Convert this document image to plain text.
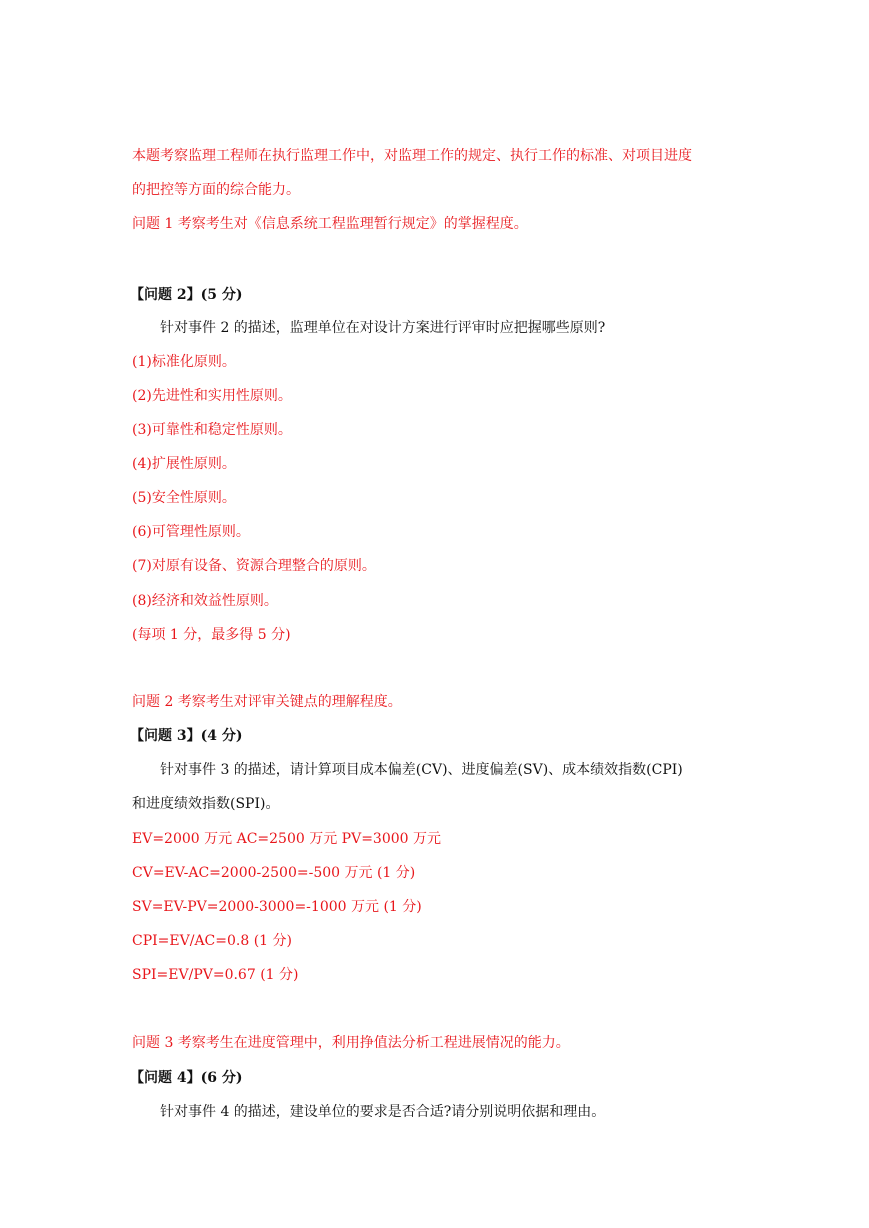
本题考察监理工程师在执行监理工作中，对监理工作的规定、执行工作的标准、对项目进度
的把控等方面的综合能力。
问题 1 考察考生对《信息系统工程监理暂行规定》的掌握程度。
【问题 2】(5 分)
针对事件 2 的描述，监理单位在对设计方案进行评审时应把握哪些原则?
(1)标准化原则。
(2)先进性和实用性原则。
(3)可靠性和稳定性原则。
(4)扩展性原则。
(5)安全性原则。
(6)可管理性原则。
(7)对原有设备、资源合理整合的原则。
(8)经济和效益性原则。
(每项 1 分，最多得 5 分)
问题 2 考察考生对评审关键点的理解程度。
【问题 3】(4 分)
针对事件 3 的描述，请计算项目成本偏差(CV)、进度偏差(SV)、成本绩效指数(CPI)
和进度绩效指数(SPI)。
EV=2000 万元 AC=2500 万元 PV=3000 万元
CV=EV-AC=2000-2500=-500 万元 (1 分)
SV=EV-PV=2000-3000=-1000 万元 (1 分)
CPI=EV/AC=0.8 (1 分)
SPI=EV/PV=0.67 (1 分)
问题 3 考察考生在进度管理中，利用挣值法分析工程进展情况的能力。
【问题 4】(6 分)
针对事件 4 的描述，建设单位的要求是否合适?请分别说明依据和理由。
